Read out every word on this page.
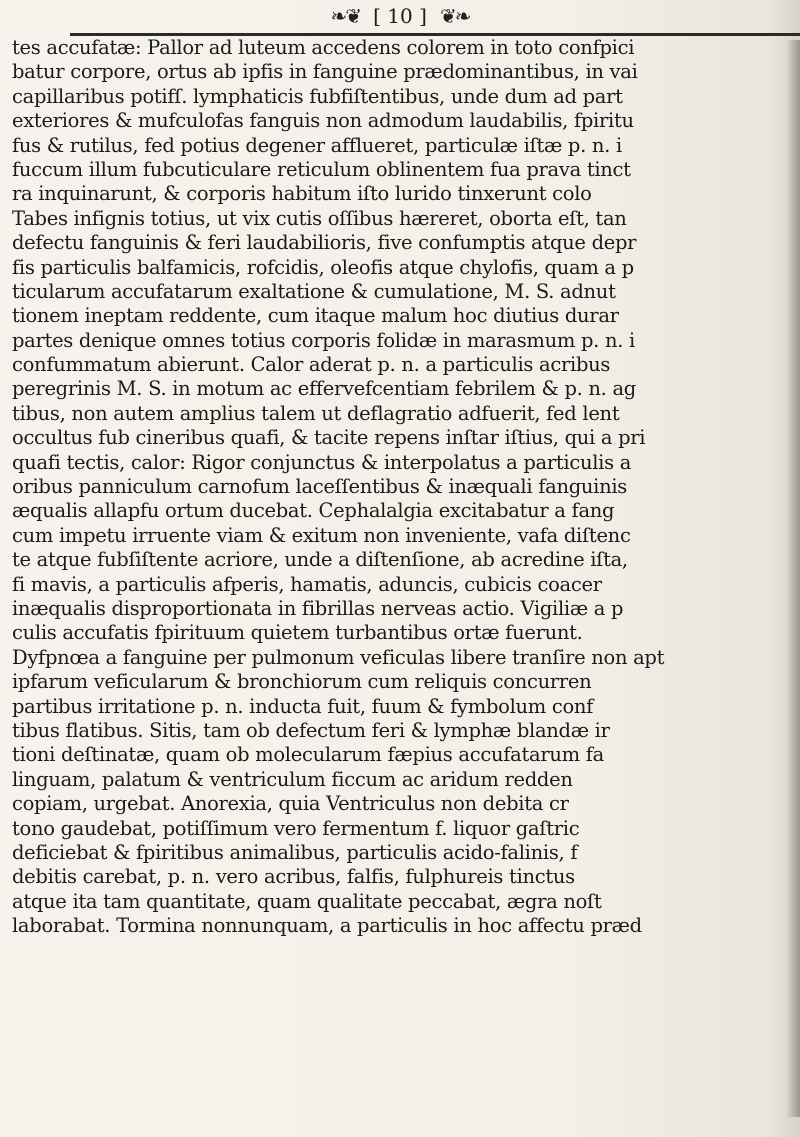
❧❦ [ 10 ] ❦❧
tes accufatæ: Pallor ad luteum accedens colorem in toto confpici
batur corpore, ortus ab ipfis in fanguine prædominantibus, in vai
capillaribus potifſ. lymphaticis fubfiſtentibus, unde dum ad part
exteriores & mufculofas fanguis non admodum laudabilis, fpiritu
fus & rutilus, fed potius degener afflueret, particulæ iſtæ p. n. i
fuccum illum fubcuticulare reticulum oblinentem fua prava tinct
ra inquinarunt, & corporis habitum iſto lurido tinxerunt colo
Tabes infignis totius, ut vix cutis oſſibus hæreret, oborta eſt, tan
defectu fanguinis & feri laudabilioris, five confumptis atque depr
fis particulis balfamicis, rofcidis, oleofis atque chylofis, quam a p
ticularum accufatarum exaltatione & cumulatione, M. S. adnut
tionem ineptam reddente, cum itaque malum hoc diutius durar
partes denique omnes totius corporis folidæ in marasmum p. n. i
confummatum abierunt. Calor aderat p. n. a particulis acribus
peregrinis M. S. in motum ac effervefcentiam febrilem & p. n. ag
tibus, non autem amplius talem ut deflagratio adfuerit, fed lent
occultus fub cineribus quafi, & tacite repens inſtar iſtius, qui a pri
quafi tectis, calor: Rigor conjunctus & interpolatus a particulis a
oribus panniculum carnofum laceſſentibus & inæquali fanguinis
æqualis allapfu ortum ducebat. Cephalalgia excitabatur a fang
cum impetu irruente viam & exitum non inveniente, vafa diſtenc
te atque fubſiſtente acriore, unde a diſtenſione, ab acredine iſta,
fi mavis, a particulis afperis, hamatis, aduncis, cubicis coacer
inæqualis disproportionata in fibrillas nerveas actio. Vigiliæ a p
culis accufatis fpirituum quietem turbantibus ortæ fuerunt.
Dyfpnœa a fanguine per pulmonum veficulas libere tranſire non apt
ipfarum veficularum & bronchiorum cum reliquis concurren
partibus irritatione p. n. inducta fuit, fuum & fymbolum conf
tibus flatibus. Sitis, tam ob defectum feri & lymphæ blandæ ir
tioni deſtinatæ, quam ob molecularum fæpius accufatarum fa
linguam, palatum & ventriculum ficcum ac aridum redden
copiam, urgebat. Anorexia, quia Ventriculus non debita cr
tono gaudebat, potiſſimum vero fermentum f. liquor gaſtric
deficiebat & fpiritibus animalibus, particulis acido-falinis, f
debitis carebat, p. n. vero acribus, falfis, fulphureis tinctus
atque ita tam quantitate, quam qualitate peccabat, ægra noſt
laborabat. Tormina nonnunquam, a particulis in hoc affectu præd
